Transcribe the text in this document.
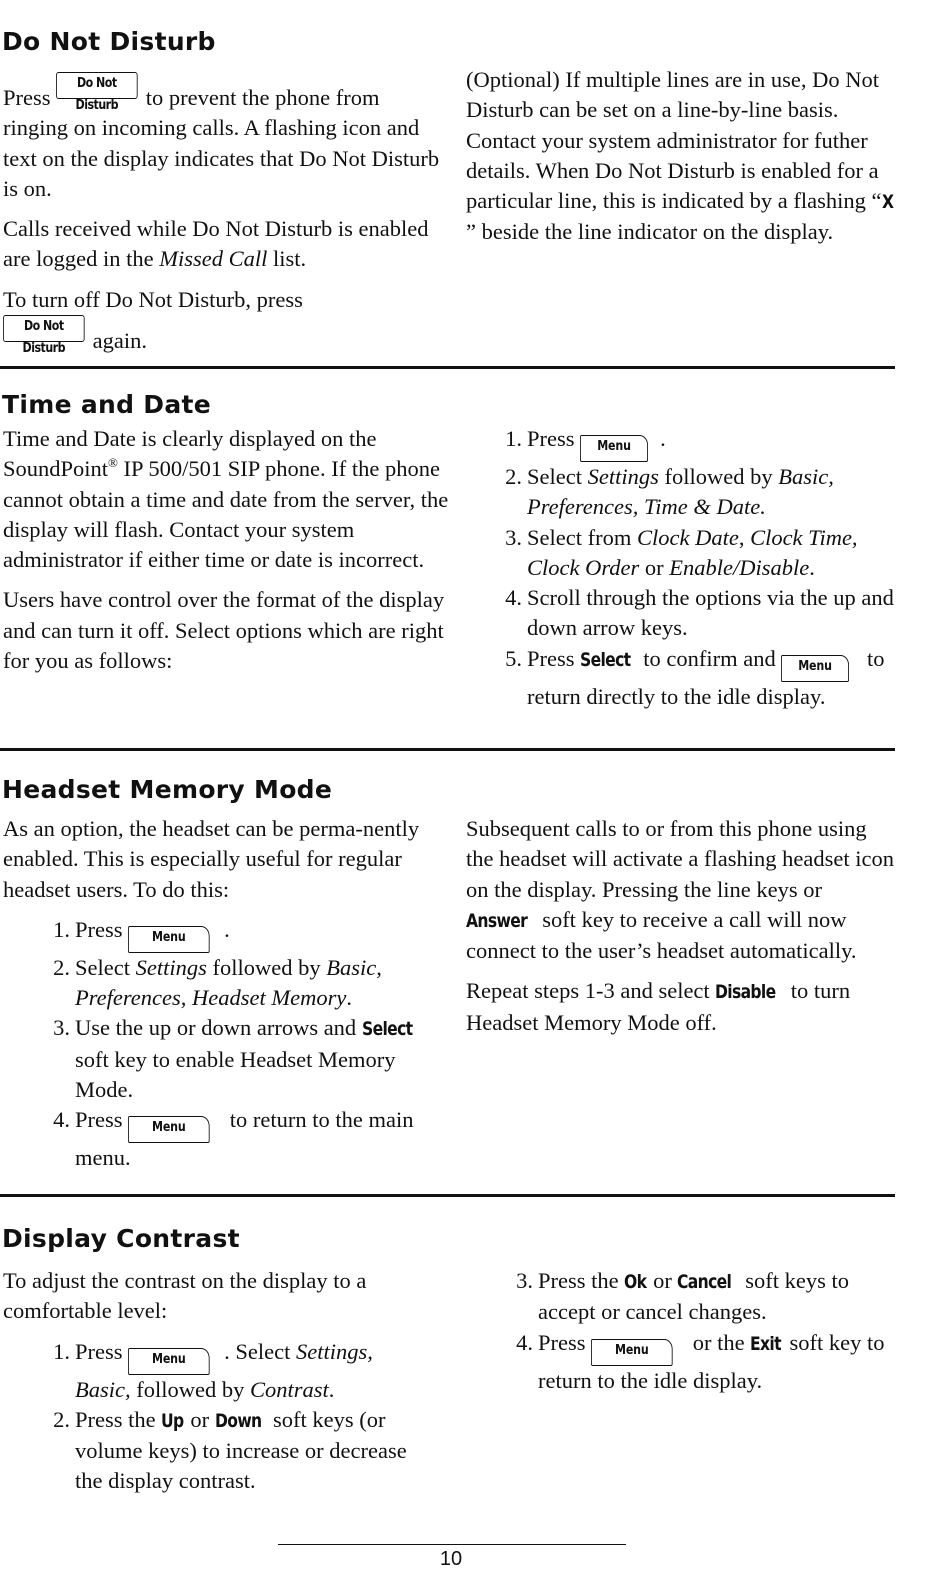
Do Not Disturb

Press Do Not Disturb to prevent the phone from ringing on incoming calls. A flashing icon and text on the display indicates that Do Not Disturb is on.

Calls received while Do Not Disturb is enabled are logged in the Missed Call list.

To turn off Do Not Disturb, press
Do Not Disturb again.

(Optional) If multiple lines are in use, Do Not Disturb can be set on a line-by-line basis. Contact your system administrator for futher details. When Do Not Disturb is enabled for a particular line, this is indicated by a flashing “X” beside the line indicator on the display.

Time and Date

Time and Date is clearly displayed on the SoundPoint® IP 500/501 SIP phone. If the phone cannot obtain a time and date from the server, the display will flash. Contact your system administrator if either time or date is incorrect.

Users have control over the format of the display and can turn it off. Select options which are right for you as follows:

1. Press Menu .
2. Select Settings followed by Basic, Preferences, Time & Date.
3. Select from Clock Date, Clock Time, Clock Order or Enable/Disable.
4. Scroll through the options via the up and down arrow keys.
5. Press Select to confirm and Menu to return directly to the idle display.
Headset Memory Mode

As an option, the headset can be perma-nently enabled. This is especially useful for regular headset users. To do this:

1. Press Menu .
2. Select Settings followed by Basic, Preferences, Headset Memory.
3. Use the up or down arrows and Select soft key to enable Headset Memory Mode.
4. Press Menu to return to the main menu.

Subsequent calls to or from this phone using the headset will activate a flashing headset icon on the display. Pressing the line keys or Answer soft key to receive a call will now connect to the user’s headset automatically.

Repeat steps 1-3 and select Disable to turn Headset Memory Mode off.

Display Contrast

To adjust the contrast on the display to a comfortable level:

1. Press Menu . Select Settings, Basic, followed by Contrast.
2. Press the Up or Down soft keys (or volume keys) to increase or decrease the display contrast.
3. Press the Ok or Cancel soft keys to accept or cancel changes.
4. Press Menu or the Exit soft key to return to the idle display.
10
